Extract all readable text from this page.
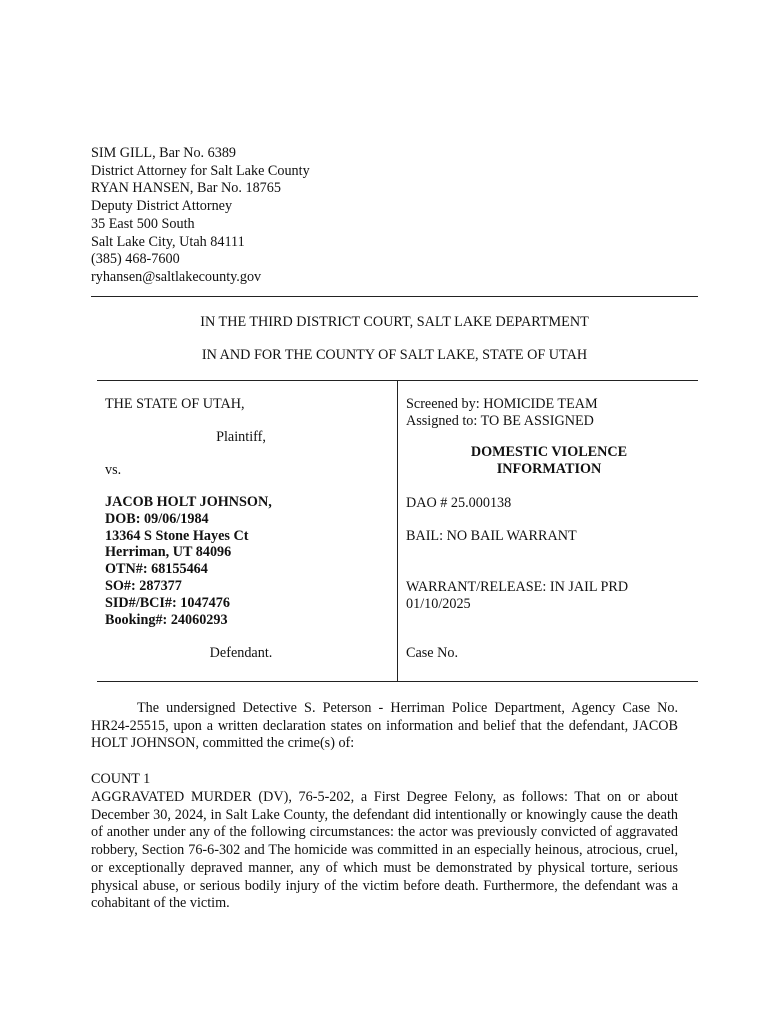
SIM GILL, Bar No. 6389
District Attorney for Salt Lake County
RYAN HANSEN, Bar No. 18765
Deputy District Attorney
35 East 500 South
Salt Lake City, Utah 84111
(385) 468-7600
ryhansen@saltlakecounty.gov
IN THE THIRD DISTRICT COURT, SALT LAKE DEPARTMENT
IN AND FOR THE COUNTY OF SALT LAKE, STATE OF UTAH
THE STATE OF UTAH,
Plaintiff,
vs.
JACOB HOLT JOHNSON,
DOB: 09/06/1984
13364 S Stone Hayes Ct
Herriman, UT 84096
OTN#: 68155464
SO#: 287377
SID#/BCI#: 1047476
Booking#: 24060293
Defendant.
Screened by: HOMICIDE TEAM
Assigned to: TO BE ASSIGNED
DOMESTIC VIOLENCE
INFORMATION
DAO # 25.000138
BAIL: NO BAIL WARRANT
WARRANT/RELEASE: IN JAIL PRD
01/10/2025
Case No.
The undersigned Detective S. Peterson - Herriman Police Department, Agency Case No. HR24-25515, upon a written declaration states on information and belief that the defendant, JACOB HOLT JOHNSON, committed the crime(s) of:
COUNT 1
AGGRAVATED MURDER (DV), 76-5-202, a First Degree Felony, as follows: That on or about December 30, 2024, in Salt Lake County, the defendant did intentionally or knowingly cause the death of another under any of the following circumstances: the actor was previously convicted of aggravated robbery, Section 76-6-302 and The homicide was committed in an especially heinous, atrocious, cruel, or exceptionally depraved manner, any of which must be demonstrated by physical torture, serious physical abuse, or serious bodily injury of the victim before death. Furthermore, the defendant was a cohabitant of the victim.
